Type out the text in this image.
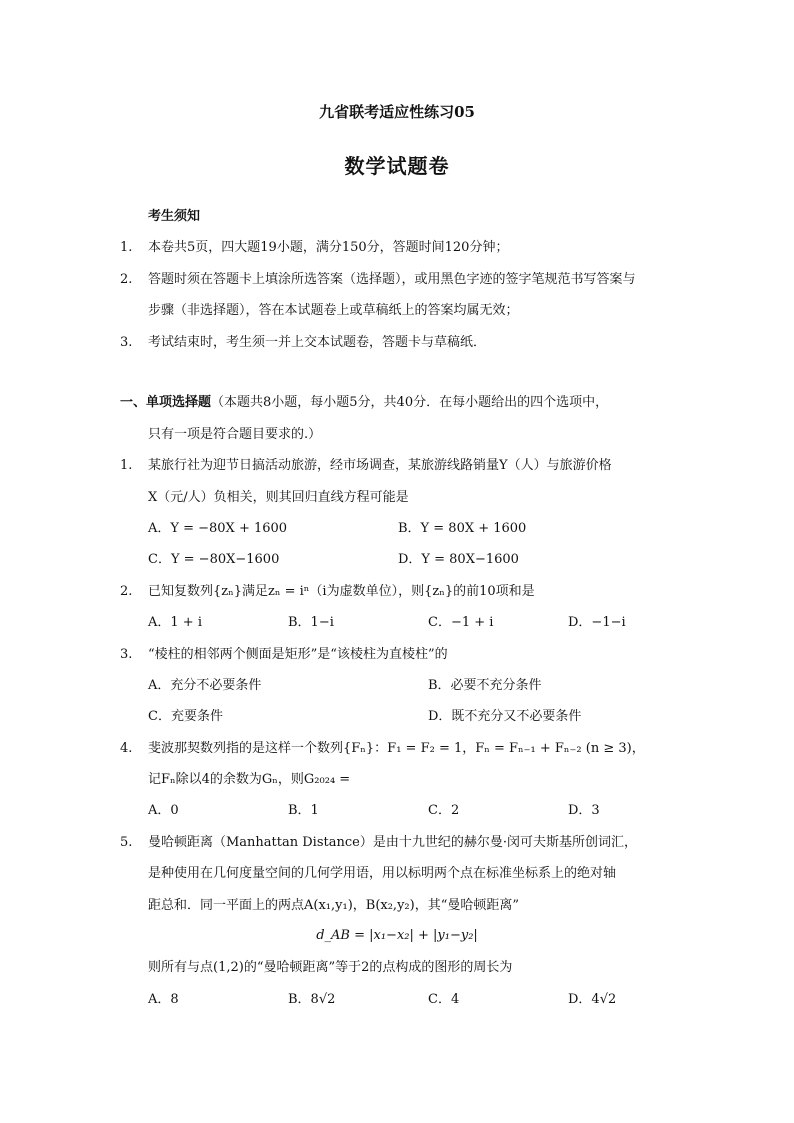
九省联考适应性练习05
数学试题卷
考生须知
1.	本卷共5页，四大题19小题，满分150分，答题时间120分钟；
2.	答题时须在答题卡上填涂所选答案（选择题），或用黑色字迹的签字笔规范书写答案与
步骤（非选择题），答在本试题卷上或草稿纸上的答案均属无效；
3.	考试结束时，考生须一并上交本试题卷，答题卡与草稿纸．
一、单项选择题（本题共8小题，每小题5分，共40分．在每小题给出的四个选项中，
只有一项是符合题目要求的.）
1.	某旅行社为迎节日搞活动旅游，经市场调查，某旅游线路销量Y（人）与旅游价格
X（元/人）负相关，则其回归直线方程可能是
A．Y = −80X + 1600	B．Y = 80X + 1600
C．Y = −80X−1600	D．Y = 80X−1600
2.	已知复数列{zₙ}满足zₙ = iⁿ（i为虚数单位），则{zₙ}的前10项和是
A．1 + i	B．1−i	C．−1 + i	D．−1−i
3.	“棱柱的相邻两个侧面是矩形”是“该棱柱为直棱柱”的
A．充分不必要条件	B．必要不充分条件
C．充要条件	D．既不充分又不必要条件
4.	斐波那契数列指的是这样一个数列{Fₙ}：F₁ = F₂ = 1，Fₙ = Fₙ₋₁ + Fₙ₋₂ (n ≥ 3)，
记Fₙ除以4的余数为Gₙ，则G₂₀₂₄ =
A．0	B．1	C．2	D．3
5.	曼哈顿距离（Manhattan Distance）是由十九世纪的赫尔曼·闵可夫斯基所创词汇，
是种使用在几何度量空间的几何学用语，用以标明两个点在标准坐标系上的绝对轴
距总和．同一平面上的两点A(x₁,y₁)，B(x₂,y₂)，其“曼哈顿距离”
d_AB = |x₁−x₂| + |y₁−y₂|
则所有与点(1,2)的“曼哈顿距离”等于2的点构成的图形的周长为
A．8	B．8√2	C．4	D．4√2
